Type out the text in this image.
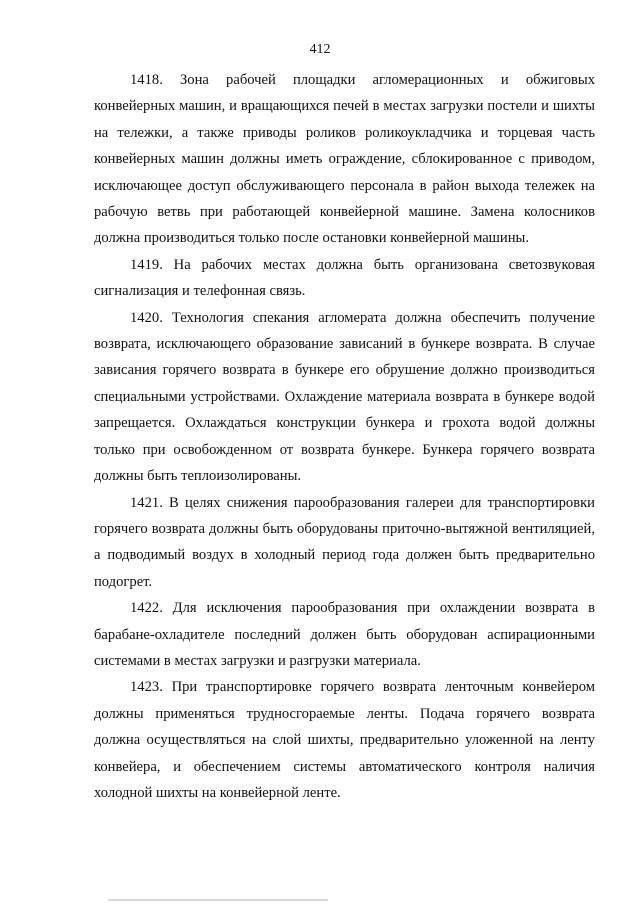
412

1418. Зона рабочей площадки агломерационных и обжиговых конвейерных машин, и вращающихся печей в местах загрузки постели и шихты на тележки, а также приводы роликов роликоукладчика и торцевая часть конвейерных машин должны иметь ограждение, сблокированное с приводом, исключающее доступ обслуживающего персонала в район выхода тележек на рабочую ветвь при работающей конвейерной машине. Замена колосников должна производиться только после остановки конвейерной машины.

1419. На рабочих местах должна быть организована светозвуковая сигнализация и телефонная связь.

1420. Технология спекания агломерата должна обеспечить получение возврата, исключающего образование зависаний в бункере возврата. В случае зависания горячего возврата в бункере его обрушение должно производиться специальными устройствами. Охлаждение материала возврата в бункере водой запрещается. Охлаждаться конструкции бункера и грохота водой должны только при освобожденном от возврата бункере. Бункера горячего возврата должны быть теплоизолированы.

1421. В целях снижения парообразования галереи для транспортировки горячего возврата должны быть оборудованы приточно-вытяжной вентиляцией, а подводимый воздух в холодный период года должен быть предварительно подогрет.

1422. Для исключения парообразования при охлаждении возврата в барабане-охладителе последний должен быть оборудован аспирационными системами в местах загрузки и разгрузки материала.

1423. При транспортировке горячего возврата ленточным конвейером должны применяться трудносгораемые ленты. Подача горячего возврата должна осуществляться на слой шихты, предварительно уложенной на ленту конвейера, и обеспечением системы автоматического контроля наличия холодной шихты на конвейерной ленте.
